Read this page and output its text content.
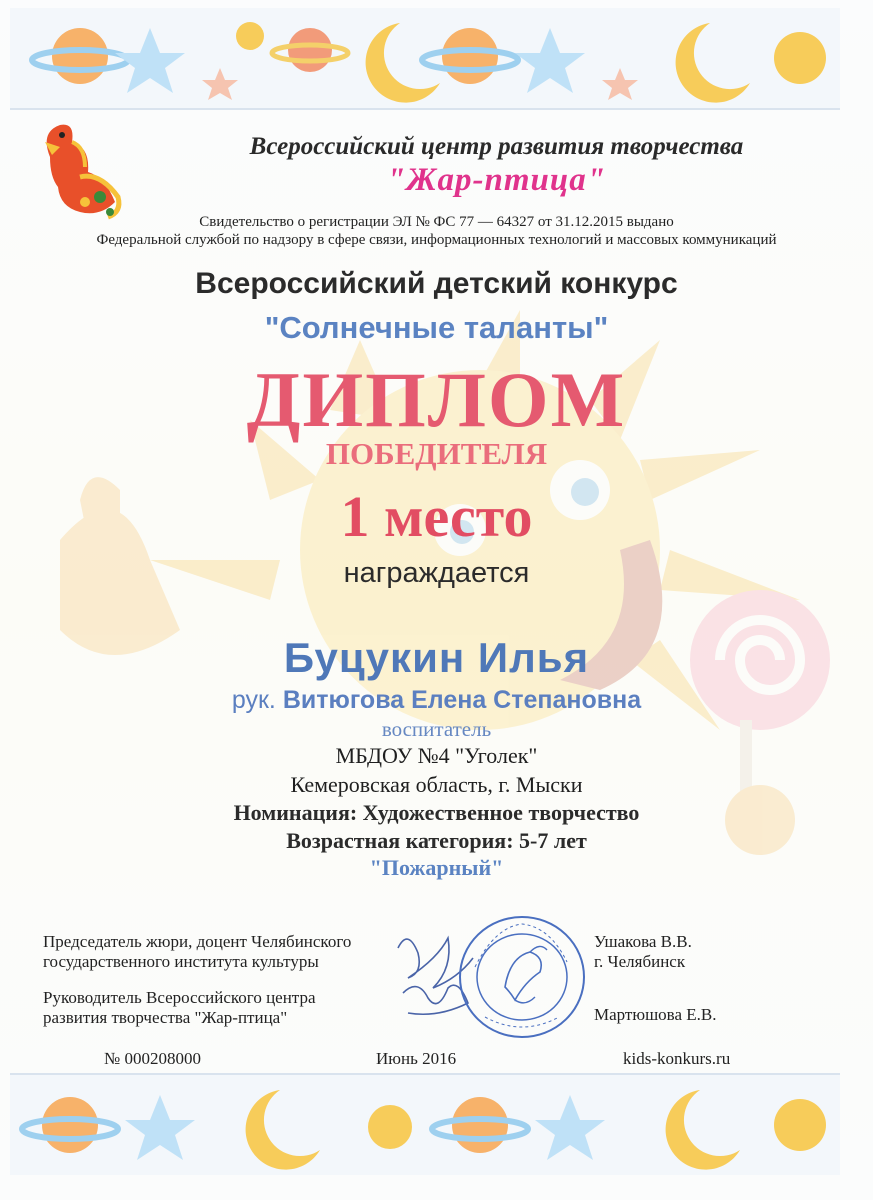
Всероссийский центр развития творчества
"Жар-птица"
Свидетельство о регистрации ЭЛ № ФС 77 — 64327 от 31.12.2015 выдано
Федеральной службой по надзору в сфере связи, информационных технологий и массовых коммуникаций
Всероссийский детский конкурс
"Солнечные таланты"
ДИПЛОМ
ПОБЕДИТЕЛЯ
1 место
награждается
Буцукин Илья
рук. Витюгова Елена Степановна
воспитатель
МБДОУ №4 "Уголек"
Кемеровская область, г. Мыски
Номинация: Художественное творчество
Возрастная категория: 5-7 лет
"Пожарный"
Председатель жюри, доцент Челябинского
государственного института культуры
Руководитель Всероссийского центра
развития творчества "Жар-птица"
Ушакова В.В.
г. Челябинск
Мартюшова Е.В.
№ 000208000	Июнь 2016	kids-konkurs.ru
